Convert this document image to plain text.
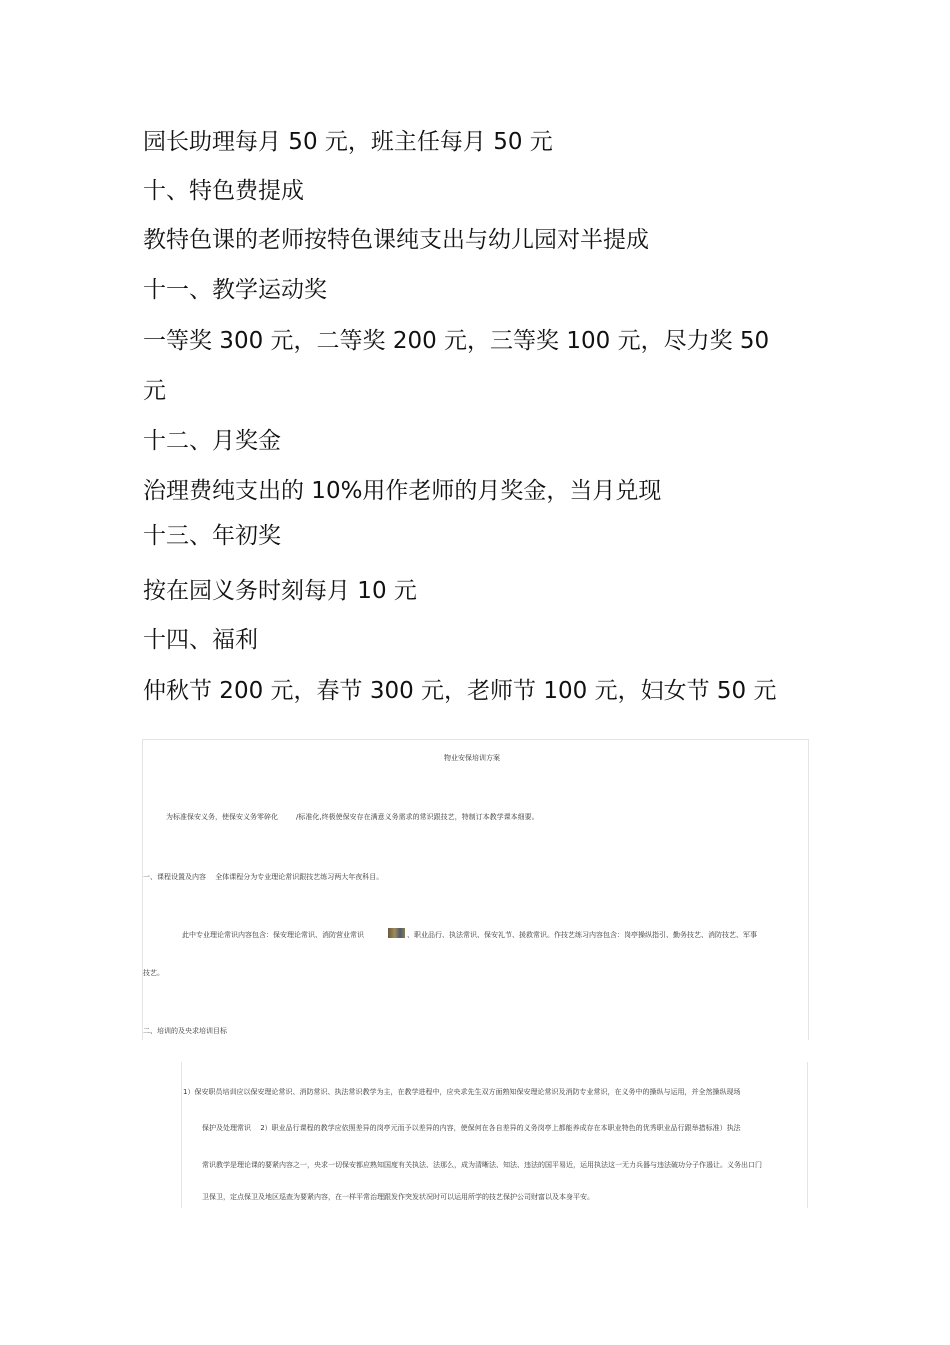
园长助理每月 50 元，班主任每月 50 元
十、特色费提成
教特色课的老师按特色课纯支出与幼儿园对半提成
十一、教学运动奖
一等奖 300 元，二等奖 200 元，三等奖 100 元，尽力奖 50
元
十二、月奖金
治理费纯支出的 10%用作老师的月奖金，当月兑现
十三、年初奖
按在园义务时刻每月 10 元
十四、福利
仲秋节 200 元，春节 300 元，老师节 100 元，妇女节 50 元
物业安保培训方案
为标准保安义务，使保安义务零碎化	/标准化,终极使保安存在满意义务需求的常识跟技艺，特制订本教学课本细要。
一、课程设置及内容　 全体课程分为专业理论常识跟技艺练习两大年夜科目。
此中专业理论常识内容包含：保安理论常识、消防营业常识	、职业品行、执法常识、保安礼节、援救常识。作技艺练习内容包含：岗亭操纵指引、勤务技艺、消防技艺、军事
技艺。
二、培训的及央求培训目标
1）保安职员培训应以保安理论常识、消防常识、执法常识教学为主，在教学进程中，应央求先生双方面熟知保安理论常识及消防专业常识，在义务中的操纵与运用，并全然操纵现场
保护及处理常识　 2）职业品行课程的教学应依照差异的岗亭元而予以差异的内容，使保何在各自差异的义务岗亭上都能养成存在本职业特色的优秀职业品行跟举措标准）执法
常识教学是理论课的要紧内容之一，央求一切保安都应熟知国度有关执法、法那么，成为清晰法、知法、违法的国平易近，运用执法这一无力兵器与违法破功分子作遏让。义务出口门
卫保卫，定点保卫及地区巡查为要紧内容，在一样平常治理跟发作突发状况时可以运用所学的技艺保护公司财富以及本身平安。
